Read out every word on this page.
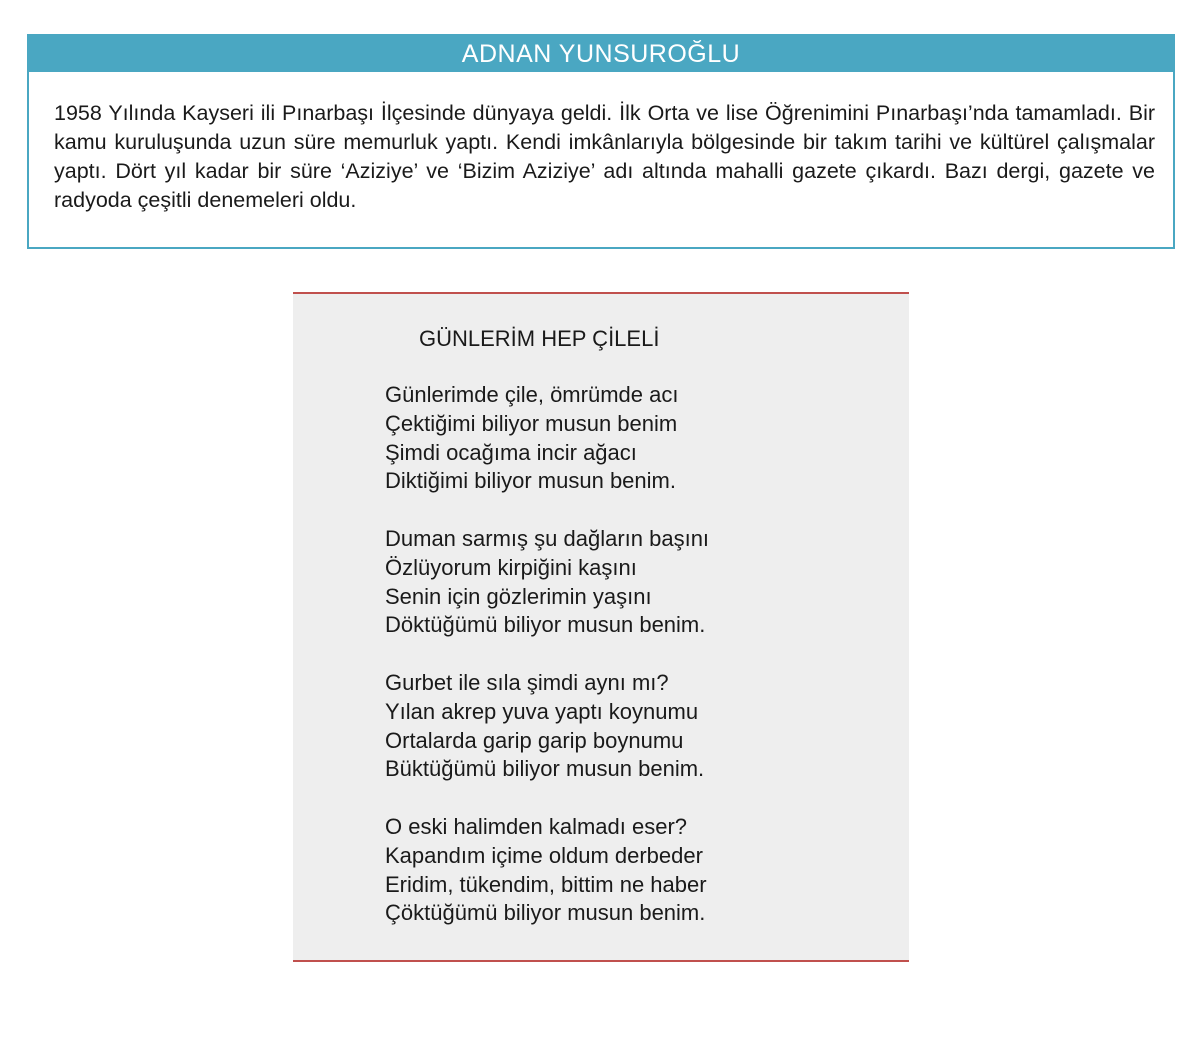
ADNAN YUNSUROĞLU

1958 Yılında Kayseri ili Pınarbaşı İlçesinde dünyaya geldi. İlk Orta ve lise Öğrenimini Pınarbaşı’nda tamamladı. Bir kamu kuruluşunda uzun süre memurluk yaptı. Kendi imkânlarıyla bölgesinde bir takım tarihi ve kültürel çalışmalar yaptı. Dört yıl kadar bir süre ‘Aziziye’ ve ‘Bizim Aziziye’ adı altında mahalli gazete çıkardı. Bazı dergi, gazete ve radyoda çeşitli denemeleri oldu.

GÜNLERİM HEP ÇİLELİ
Günlerimde çile, ömrümde acı
Çektiğimi biliyor musun benim
Şimdi ocağıma incir ağacı
Diktiğimi biliyor musun benim.
Duman sarmış şu dağların başını
Özlüyorum kirpiğini kaşını
Senin için gözlerimin yaşını
Döktüğümü biliyor musun benim.
Gurbet ile sıla şimdi aynı mı?
Yılan akrep yuva yaptı koynumu
Ortalarda garip garip boynumu
Büktüğümü biliyor musun benim.
O eski halimden kalmadı eser?
Kapandım içime oldum derbeder
Eridim, tükendim, bittim ne haber
Çöktüğümü biliyor musun benim.
